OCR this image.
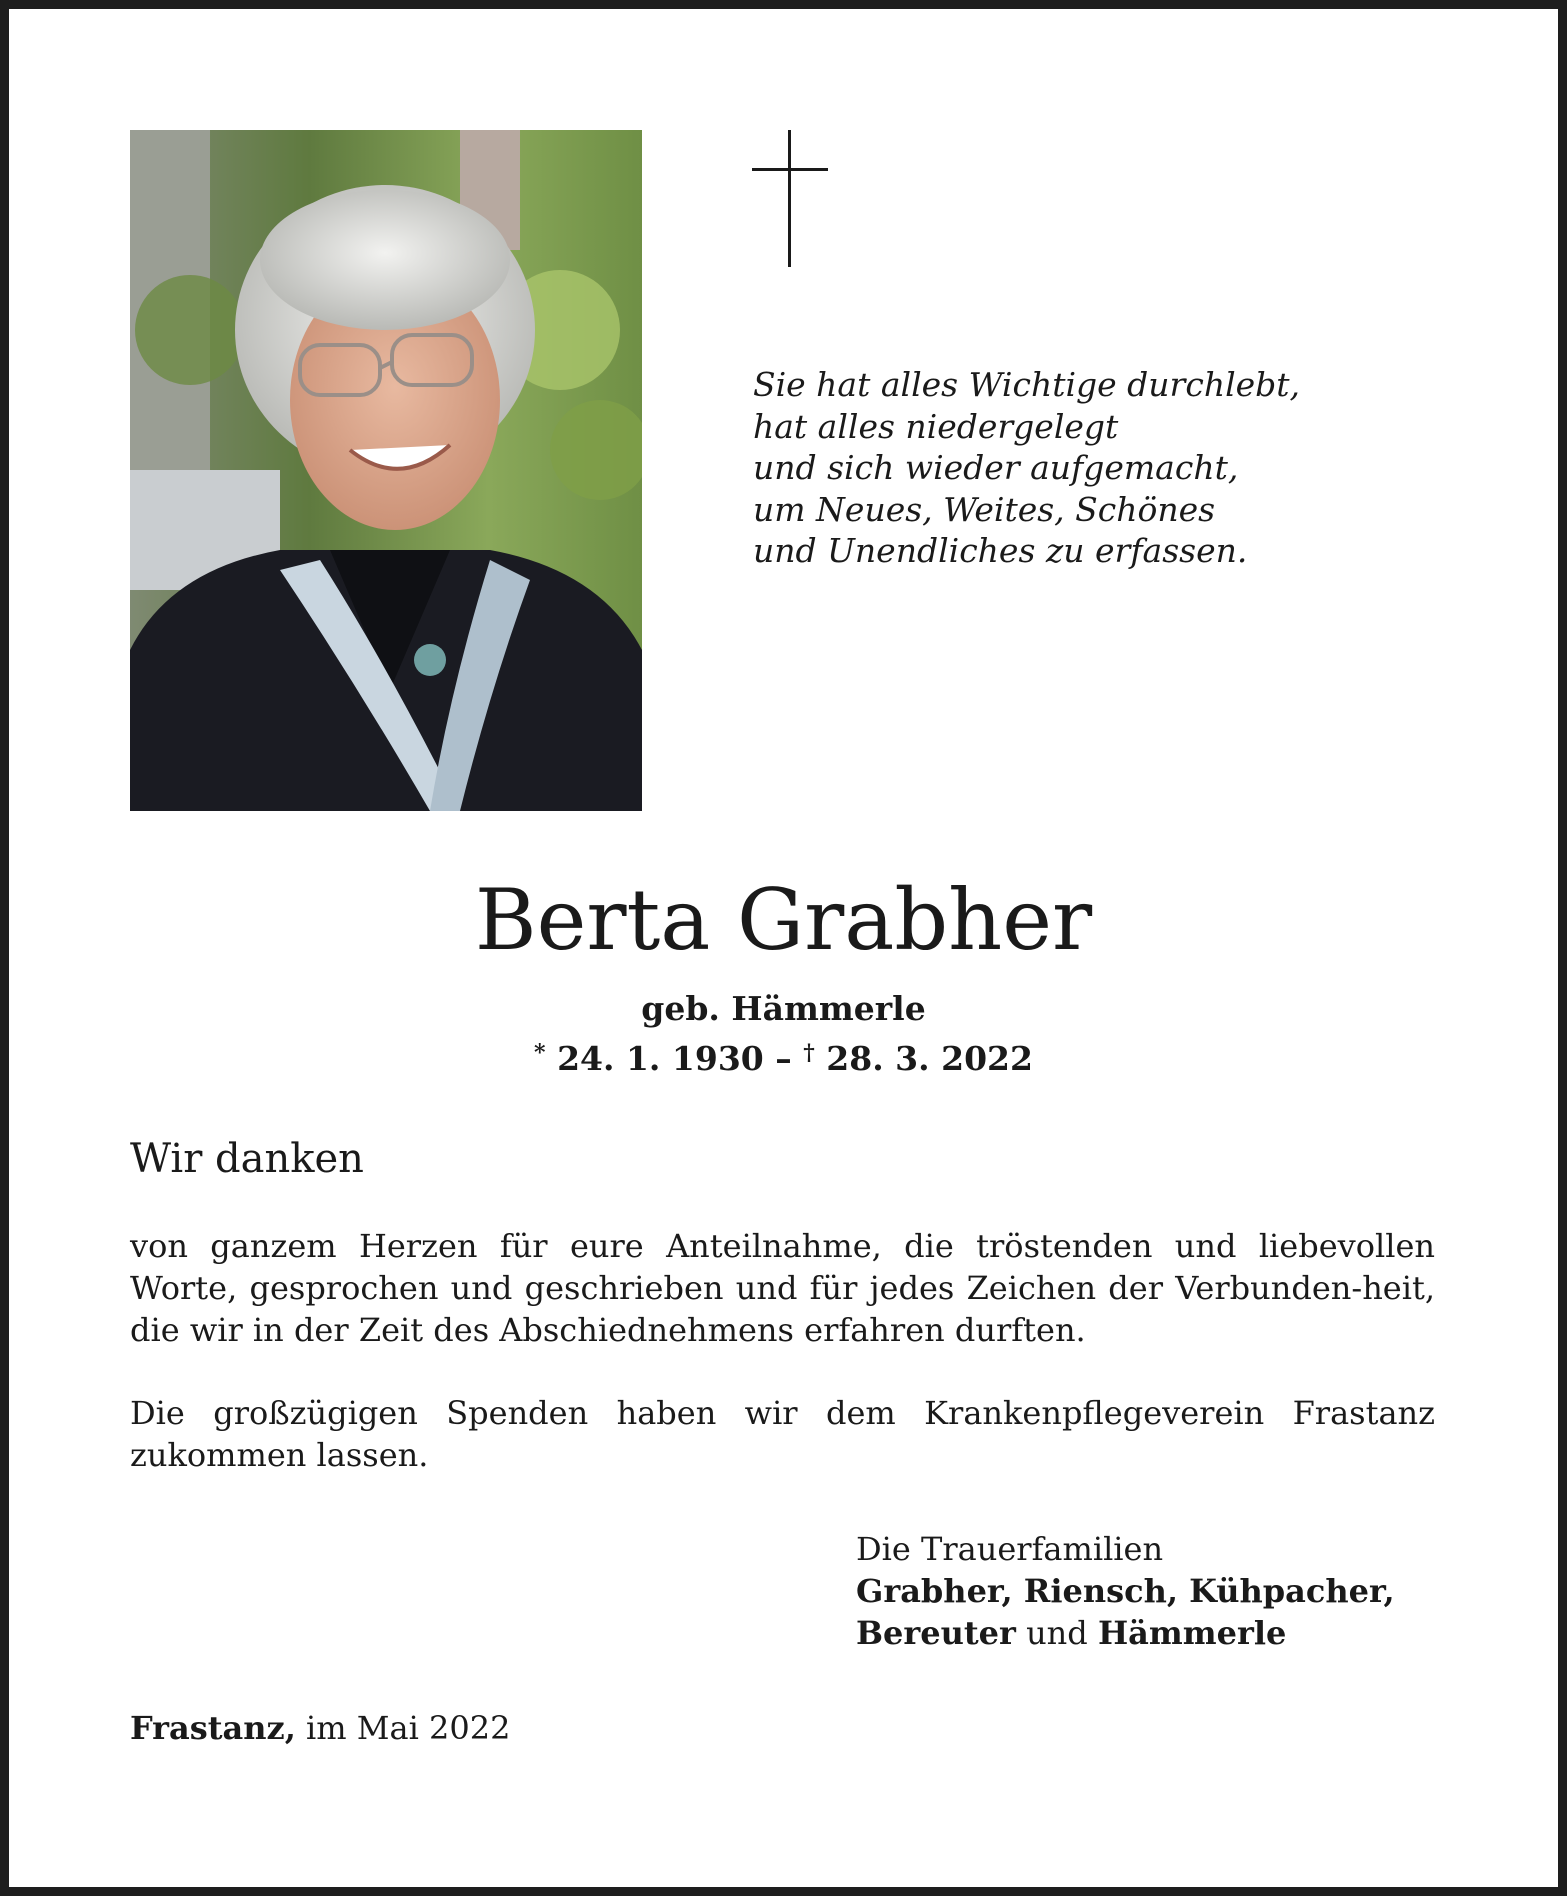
Sie hat alles Wichtige durchlebt,
hat alles niedergelegt
und sich wieder aufgemacht,
um Neues, Weites, Schönes
und Unendliches zu erfassen.
Berta Grabher
geb. Hämmerle
* 24. 1. 1930 – † 28. 3. 2022
Wir danken
von ganzem Herzen für eure Anteilnahme, die tröstenden und liebevollen Worte, gesprochen und geschrieben und für jedes Zeichen der Verbunden-heit, die wir in der Zeit des Abschiednehmens erfahren durften.
Die großzügigen Spenden haben wir dem Krankenpflegeverein Frastanz zukommen lassen.
Die Trauerfamilien
Grabher, Riensch, Kühpacher,
Bereuter und Hämmerle
Frastanz, im Mai 2022
